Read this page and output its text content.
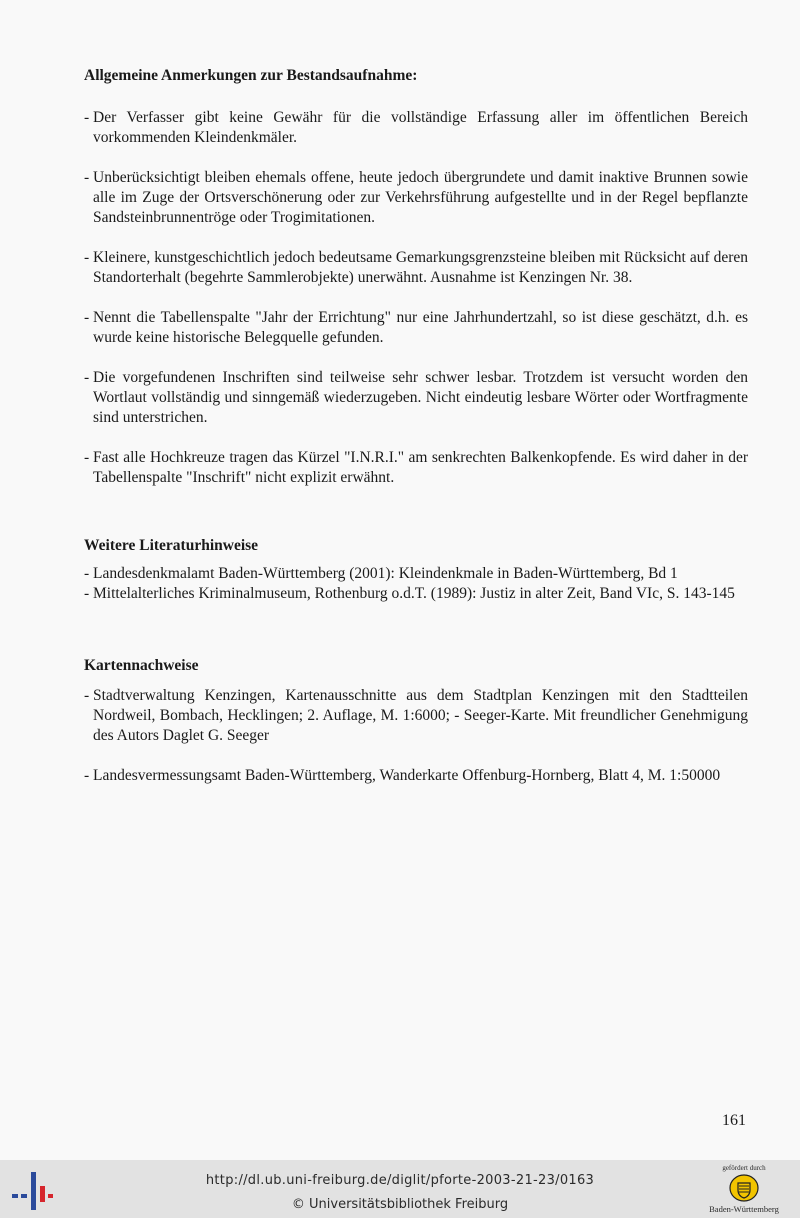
Allgemeine Anmerkungen zur Bestandsaufnahme:
- Der Verfasser gibt keine Gewähr für die vollständige Erfassung aller im öffentlichen Bereich vorkommenden Kleindenkmäler.
- Unberücksichtigt bleiben ehemals offene, heute jedoch übergrundete und damit inaktive Brunnen sowie alle im Zuge der Ortsverschönerung oder zur Verkehrsführung aufgestellte und in der Regel bepflanzte Sandsteinbrunnentröge oder Trogimitationen.
- Kleinere, kunstgeschichtlich jedoch bedeutsame Gemarkungsgrenzsteine bleiben mit Rücksicht auf deren Standorterhalt (begehrte Sammlerobjekte) unerwähnt. Ausnahme ist Kenzingen Nr. 38.
- Nennt die Tabellenspalte "Jahr der Errichtung" nur eine Jahrhundertzahl, so ist diese geschätzt, d.h. es wurde keine historische Belegquelle gefunden.
- Die vorgefundenen Inschriften sind teilweise sehr schwer lesbar. Trotzdem ist versucht worden den Wortlaut vollständig und sinngemäß wiederzugeben. Nicht eindeutig lesbare Wörter oder Wortfragmente sind unterstrichen.
- Fast alle Hochkreuze tragen das Kürzel "I.N.R.I." am senkrechten Balkenkopfende. Es wird daher in der Tabellenspalte "Inschrift" nicht explizit erwähnt.
Weitere Literaturhinweise
- Landesdenkmalamt Baden-Württemberg (2001): Kleindenkmale in Baden-Württemberg, Bd 1
- Mittelalterliches Kriminalmuseum, Rothenburg o.d.T. (1989): Justiz in alter Zeit, Band VIc, S. 143-145
Kartennachweise
- Stadtverwaltung Kenzingen, Kartenausschnitte aus dem Stadtplan Kenzingen mit den Stadtteilen Nordweil, Bombach, Hecklingen; 2. Auflage, M. 1:6000; - Seeger-Karte. Mit freundlicher Genehmigung des Autors Daglet G. Seeger
- Landesvermessungsamt Baden-Württemberg, Wanderkarte Offenburg-Hornberg, Blatt 4, M. 1:50000
161
http://dl.ub.uni-freiburg.de/diglit/pforte-2003-21-23/0163
© Universitätsbibliothek Freiburg
gefördert durch
Baden-Württemberg
